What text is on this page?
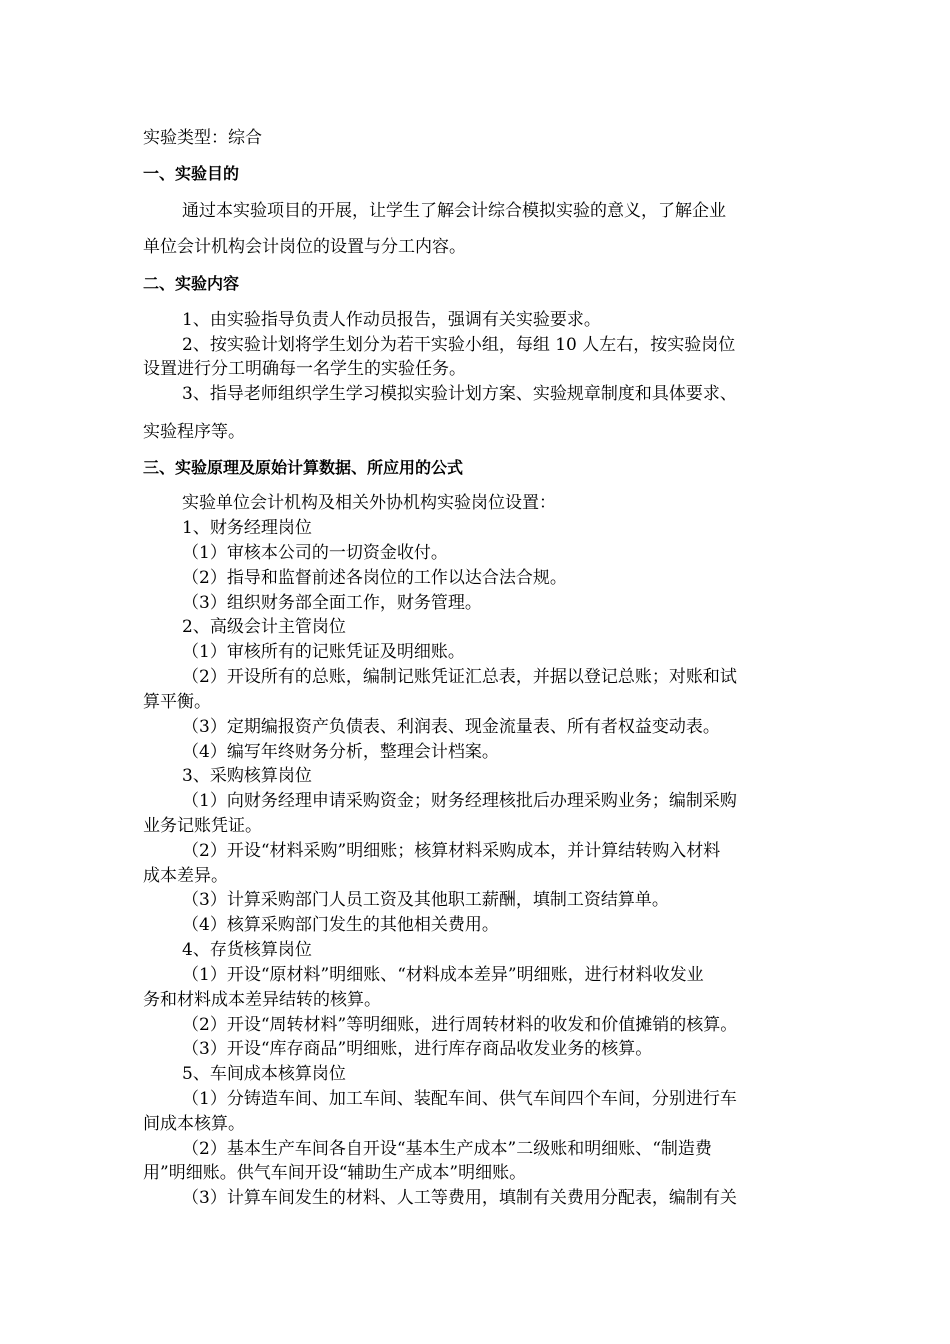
实验类型：综合
一、实验目的
通过本实验项目的开展，让学生了解会计综合模拟实验的意义，了解企业
单位会计机构会计岗位的设置与分工内容。
二、实验内容
1、由实验指导负责人作动员报告，强调有关实验要求。
2、按实验计划将学生划分为若干实验小组，每组 10 人左右，按实验岗位
设置进行分工明确每一名学生的实验任务。
3、指导老师组织学生学习模拟实验计划方案、实验规章制度和具体要求、
实验程序等。
三、实验原理及原始计算数据、所应用的公式
实验单位会计机构及相关外协机构实验岗位设置：
1、财务经理岗位
（1）审核本公司的一切资金收付。
（2）指导和监督前述各岗位的工作以达合法合规。
（3）组织财务部全面工作，财务管理。
2、高级会计主管岗位
（1）审核所有的记账凭证及明细账。
（2）开设所有的总账，编制记账凭证汇总表，并据以登记总账；对账和试
算平衡。
（3）定期编报资产负债表、利润表、现金流量表、所有者权益变动表。
（4）编写年终财务分析，整理会计档案。
3、采购核算岗位
（1）向财务经理申请采购资金；财务经理核批后办理采购业务；编制采购
业务记账凭证。
（2）开设“材料采购”明细账；核算材料采购成本，并计算结转购入材料
成本差异。
（3）计算采购部门人员工资及其他职工薪酬，填制工资结算单。
（4）核算采购部门发生的其他相关费用。
4、存货核算岗位
（1）开设“原材料”明细账、“材料成本差异”明细账，进行材料收发业
务和材料成本差异结转的核算。
（2）开设“周转材料”等明细账，进行周转材料的收发和价值摊销的核算。
（3）开设“库存商品”明细账，进行库存商品收发业务的核算。
5、车间成本核算岗位
（1）分铸造车间、加工车间、装配车间、供气车间四个车间，分别进行车
间成本核算。
（2）基本生产车间各自开设“基本生产成本”二级账和明细账、“制造费
用”明细账。供气车间开设“辅助生产成本”明细账。
（3）计算车间发生的材料、人工等费用，填制有关费用分配表，编制有关
